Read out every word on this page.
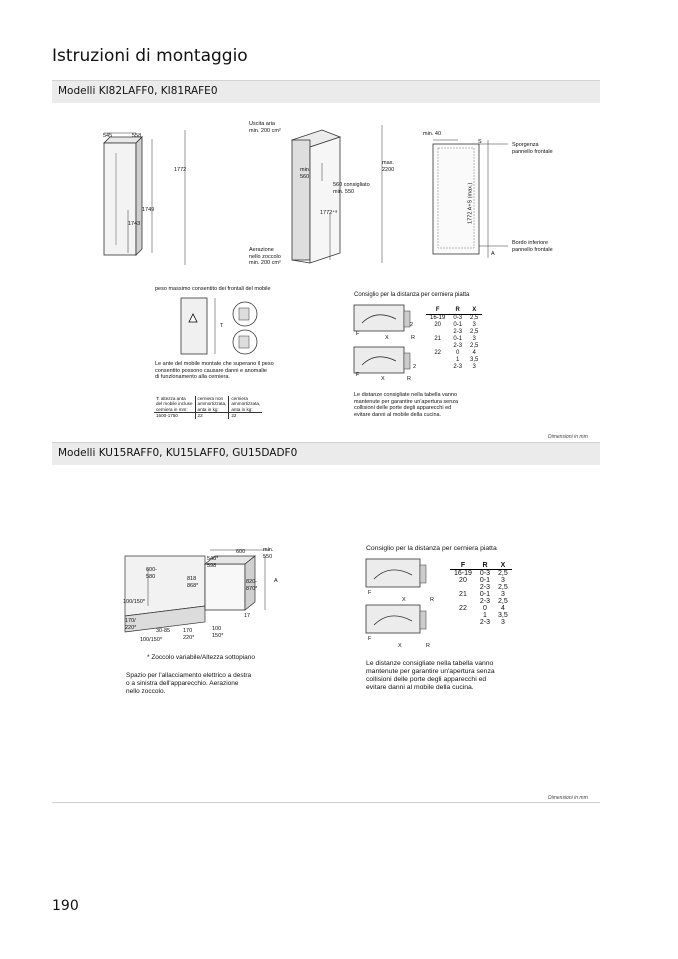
Istruzioni di montaggio
Modelli KI82LAFF0, KI81RAFE0
545	558
1772
1749
1743
Uscita aria
min. 200 cm²
min.
560
560 consigliato
min. 550
max.
2200
1772⁺⁸
Aerazione
nello zoccolo
min. 200 cm²
min. 40
S
A
1772 A+S (max.)
Sporgenza
pannello frontale
Bordo inferiore
pannello frontale
peso massimo consentito dei frontali del mobile
T
Le ante del mobile montate che superano il peso
consentito possono causare danni e anomalie
di funzionamento alla cerniera.
T: altezza anta
del mobile incluse
cerniera in mm:	cerniera non
ammortizzata,
anta in kg:	cerniera
ammortizzata,
anta in kg:
1500-1750	22	22
Consiglio per la distanza per cerniera piatta
F
X	R
2
F
X	R
2
F	R	X
16-19	0-3	2,5
20	0-1	3
	2-3	2,5
21	0-1	3
	2-3	2,5
22	0	4
	1	3,5
	2-3	3
Le distanze consigliate nella tabella vanno
mantenute per garantire un'apertura senza
collisioni delle porte degli apparecchi ed
evitare danni al mobile della cucina.
Dimensioni in mm
Modelli KU15RAFF0, KU15LAFF0, GU15DADF0
600-
580	818
868*
548*
598
600	min.
550
820-
870*
A
100/150*
170/
220*
30-85
100/150*
170
220*
100
150*
17
* Zoccolo variabile/Altezza sottopiano
Spazio per l'allacciamento elettrico a destra
o a sinistra dell'apparecchio. Aerazione
nello zoccolo.
Consiglio per la distanza per cerniera piatta
F
X	R
F
X	R
F	R	X
16-19	0-3	2,5
20	0-1	3
	2-3	2,5
21	0-1	3
	2-3	2,5
22	0	4
	1	3,5
	2-3	3
Le distanze consigliate nella tabella vanno
mantenute per garantire un'apertura senza
collisioni delle porte degli apparecchi ed
evitare danni al mobile della cucina.
Dimensioni in mm
190
